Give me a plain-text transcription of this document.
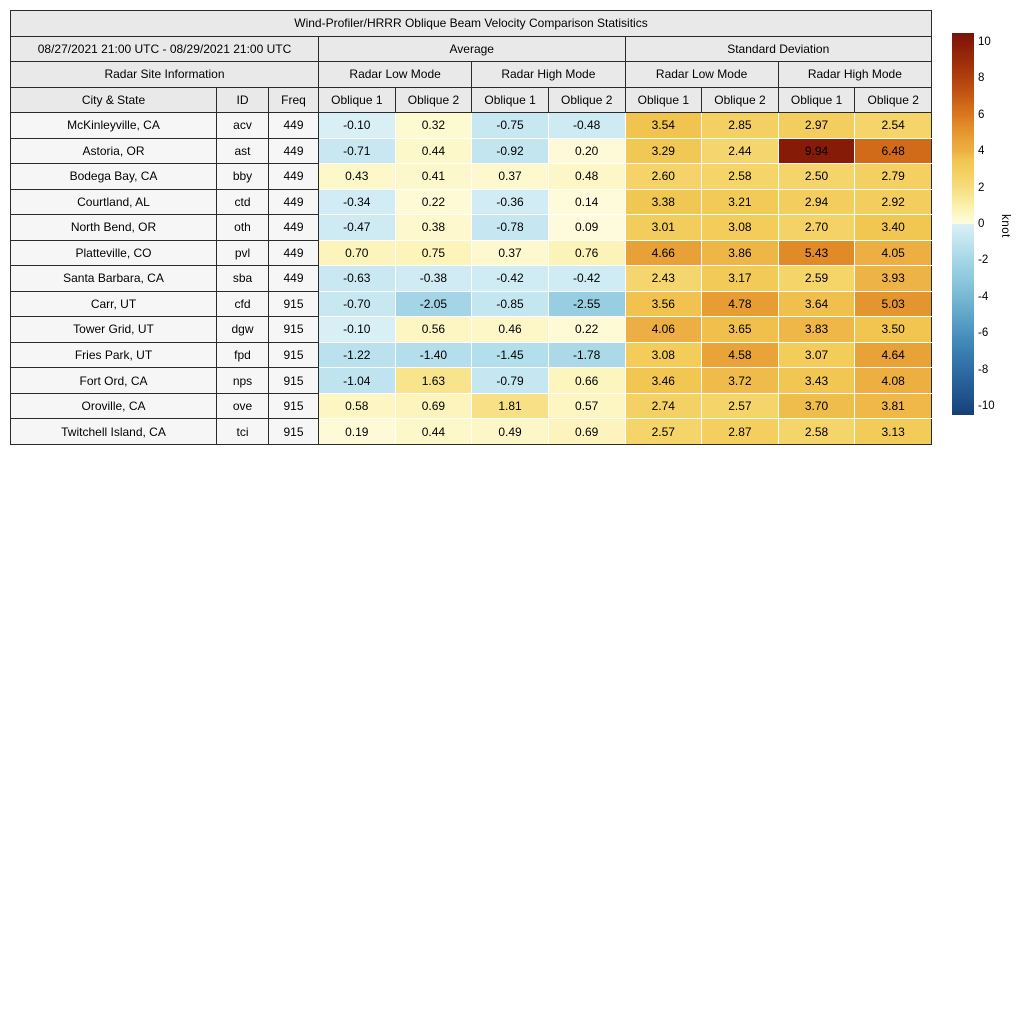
Wind-Profiler/HRRR Oblique Beam Velocity Comparison Statisitics										
08/27/2021 21:00 UTC - 08/29/2021 21:00 UTC			Average				Standard Deviation			
Radar Site Information			Radar Low Mode		Radar High Mode		Radar Low Mode		Radar High Mode	
City & State	ID	Freq	Oblique 1	Oblique 2	Oblique 1	Oblique 2	Oblique 1	Oblique 2	Oblique 1	Oblique 2
McKinleyville, CA	acv	449	-0.10	0.32	-0.75	-0.48	3.54	2.85	2.97	2.54
Astoria, OR	ast	449	-0.71	0.44	-0.92	0.20	3.29	2.44	9.94	6.48
Bodega Bay, CA	bby	449	0.43	0.41	0.37	0.48	2.60	2.58	2.50	2.79
Courtland, AL	ctd	449	-0.34	0.22	-0.36	0.14	3.38	3.21	2.94	2.92
North Bend, OR	oth	449	-0.47	0.38	-0.78	0.09	3.01	3.08	2.70	3.40
Platteville, CO	pvl	449	0.70	0.75	0.37	0.76	4.66	3.86	5.43	4.05
Santa Barbara, CA	sba	449	-0.63	-0.38	-0.42	-0.42	2.43	3.17	2.59	3.93
Carr, UT	cfd	915	-0.70	-2.05	-0.85	-2.55	3.56	4.78	3.64	5.03
Tower Grid, UT	dgw	915	-0.10	0.56	0.46	0.22	4.06	3.65	3.83	3.50
Fries Park, UT	fpd	915	-1.22	-1.40	-1.45	-1.78	3.08	4.58	3.07	4.64
Fort Ord, CA	nps	915	-1.04	1.63	-0.79	0.66	3.46	3.72	3.43	4.08
Oroville, CA	ove	915	0.58	0.69	1.81	0.57	2.74	2.57	3.70	3.81
Twitchell Island, CA	tci	915	0.19	0.44	0.49	0.69	2.57	2.87	2.58	3.13
10
8
6
4
2
0
-2
-4
-6
-8
-10
knot
